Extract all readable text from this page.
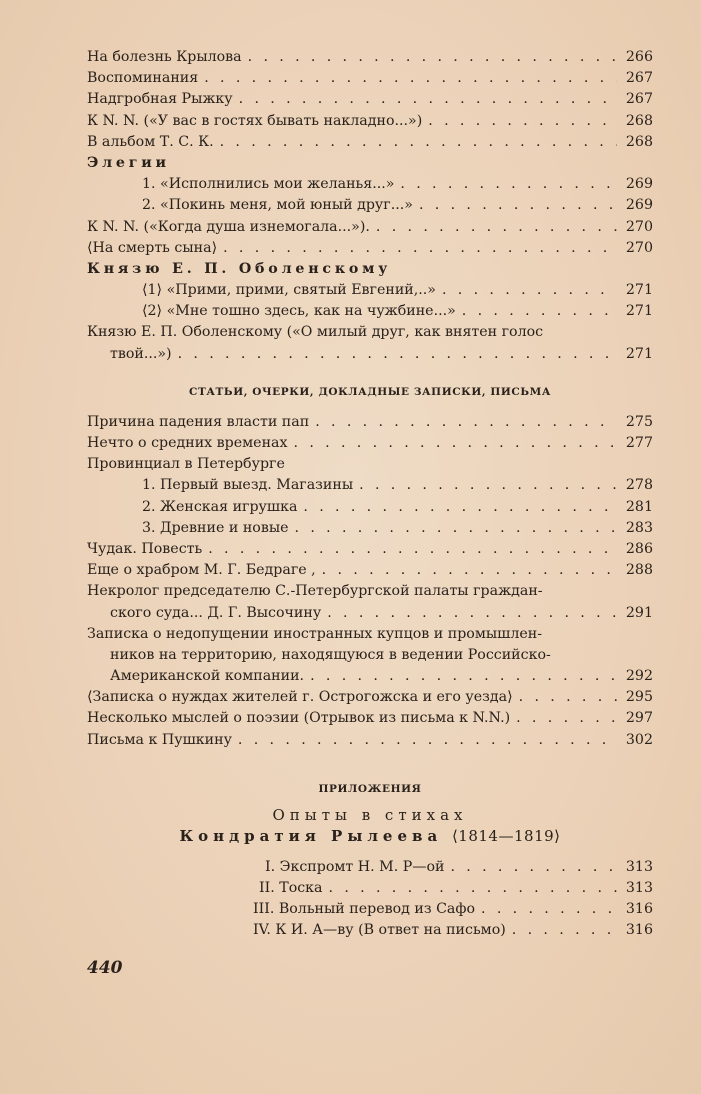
На болезнь Крылова . . .	266
Воспоминания . . .	267
Надгробная Рыжку . . .	267
К N. N. («У вас в гостях бывать накладно...») . . .	268
В альбом Т. С. К. . . .	268
Элегии
1. «Исполнились мои желанья...» . . .	269
2. «Покинь меня, мой юный друг...» . . .	269
К N. N. («Когда душа изнемогала...»). . . .	270
⟨На смерть сына⟩ . . .	270
Князю Е. П. Оболенскому
⟨1⟩ «Прими, прими, святый Евгений,..» . . .	271
⟨2⟩ «Мне тошно здесь, как на чужбине...» . . .	271
Князю Е. П. Оболенскому («О милый друг, как внятен голос
твой...») . . .	271
СТАТЬИ, ОЧЕРКИ, ДОКЛАДНЫЕ ЗАПИСКИ, ПИСЬМА
Причина падения власти пап . . .	275
Нечто о средних временах . . .	277
Провинциал в Петербурге
1. Первый выезд. Магазины . . .	278
2. Женская игрушка . . .	281
3. Древние и новые . . .	283
Чудак. Повесть . . .	286
Еще о храбром М. Г. Бедраге , . . .	288
Некролог председателю С.-Петербургской палаты граждан-
ского суда... Д. Г. Высочину . . .	291
Записка о недопущении иностранных купцов и промышлен-
ников на территорию, находящуюся в ведении Российско-
Американской компании. . . .	292
⟨Записка о нуждах жителей г. Острогожска и его уезда⟩ . . .	295
Несколько мыслей о поэзии (Отрывок из письма к N.N.) . . .	297
Письма к Пушкину . . .	302
ПРИЛОЖЕНИЯ
Опыты в стихах
Кондратия Рылеева ⟨1814—1819⟩
I. Экспромт Н. М. Р—ой . . .	313
II. Тоска . . .	313
III. Вольный перевод из Сафо . . .	316
IV. К И. А—ву (В ответ на письмо) . . .	316
440
